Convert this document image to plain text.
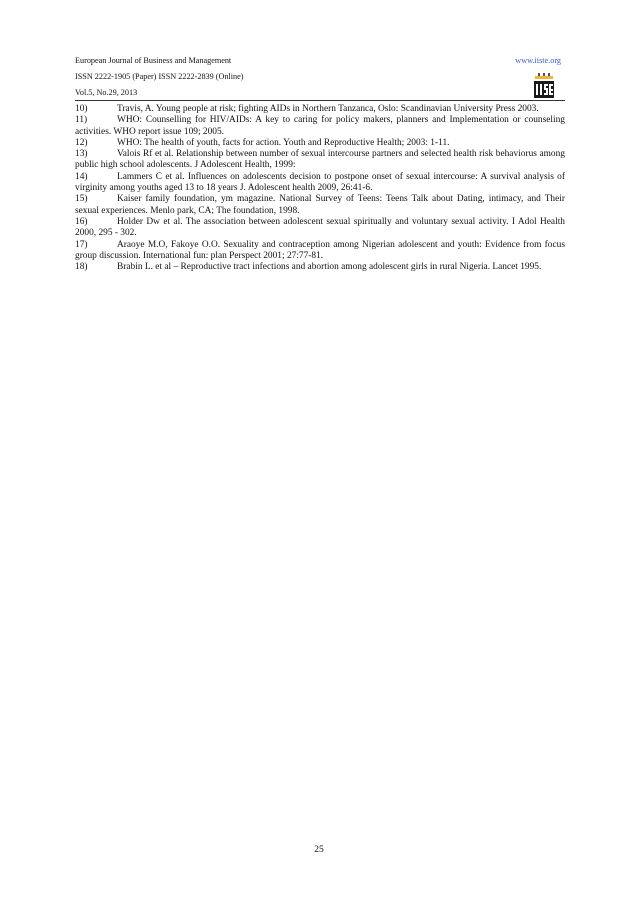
European Journal of Business and Management
ISSN 2222-1905 (Paper) ISSN 2222-2839 (Online)
Vol.5, No.29, 2013
www.iiste.org

10)	Travis, A. Young people at risk; fighting AIDs in Northern Tanzanca, Oslo: Scandinavian University Press 2003.

11)	WHO: Counselling for HIV/AIDs: A key to caring for policy makers, planners and Implementation or counseling activities. WHO report issue 109; 2005.

12)	WHO: The health of youth, facts for action. Youth and Reproductive Health; 2003: 1-11.

13)	Valois Rf et al. Relationship between number of sexual intercourse partners and selected health risk behaviorus among public high school adolescents. J Adolescent Health, 1999:

14)	Lammers C et al. Influences on adolescents decision to postpone onset of sexual intercourse: A survival analysis of virginity among youths aged 13 to 18 years J. Adolescent health 2009, 26:41-6.

15)	Kaiser family foundation, ym magazine. National Survey of Teens: Teens Talk about Dating, intimacy, and Their sexual experiences. Menlo park, CA; The foundation, 1998.

16)	Holder Dw et al. The association between adolescent sexual spiritually and voluntary sexual activity. I Adol Health 2000, 295 - 302.

17)	Araoye M.O, Fakoye O.O. Sexuality and contraception among Nigerian adolescent and youth: Evidence from focus group discussion. International fun: plan Perspect 2001; 27:77-81.

18)	Brabin L. et al – Reproductive tract infections and abortion among adolescent girls in rural Nigeria. Lancet 1995.

25
